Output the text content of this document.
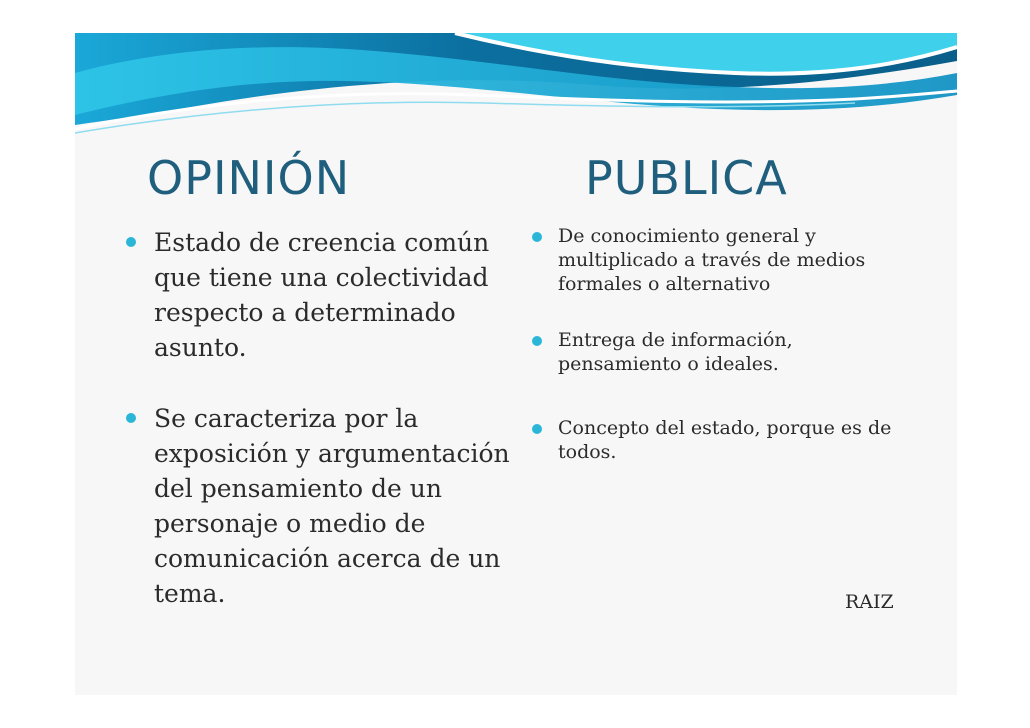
OPINIÓN	PUBLICA
Estado de creencia común que tiene una colectividad respecto a determinado asunto.
Se caracteriza por la exposición y argumentación del pensamiento de un personaje o medio de comunicación acerca de un tema.
De conocimiento general y multiplicado a través de medios formales o alternativo
Entrega de información, pensamiento o ideales.
Concepto del estado, porque es de todos.
RAIZ
